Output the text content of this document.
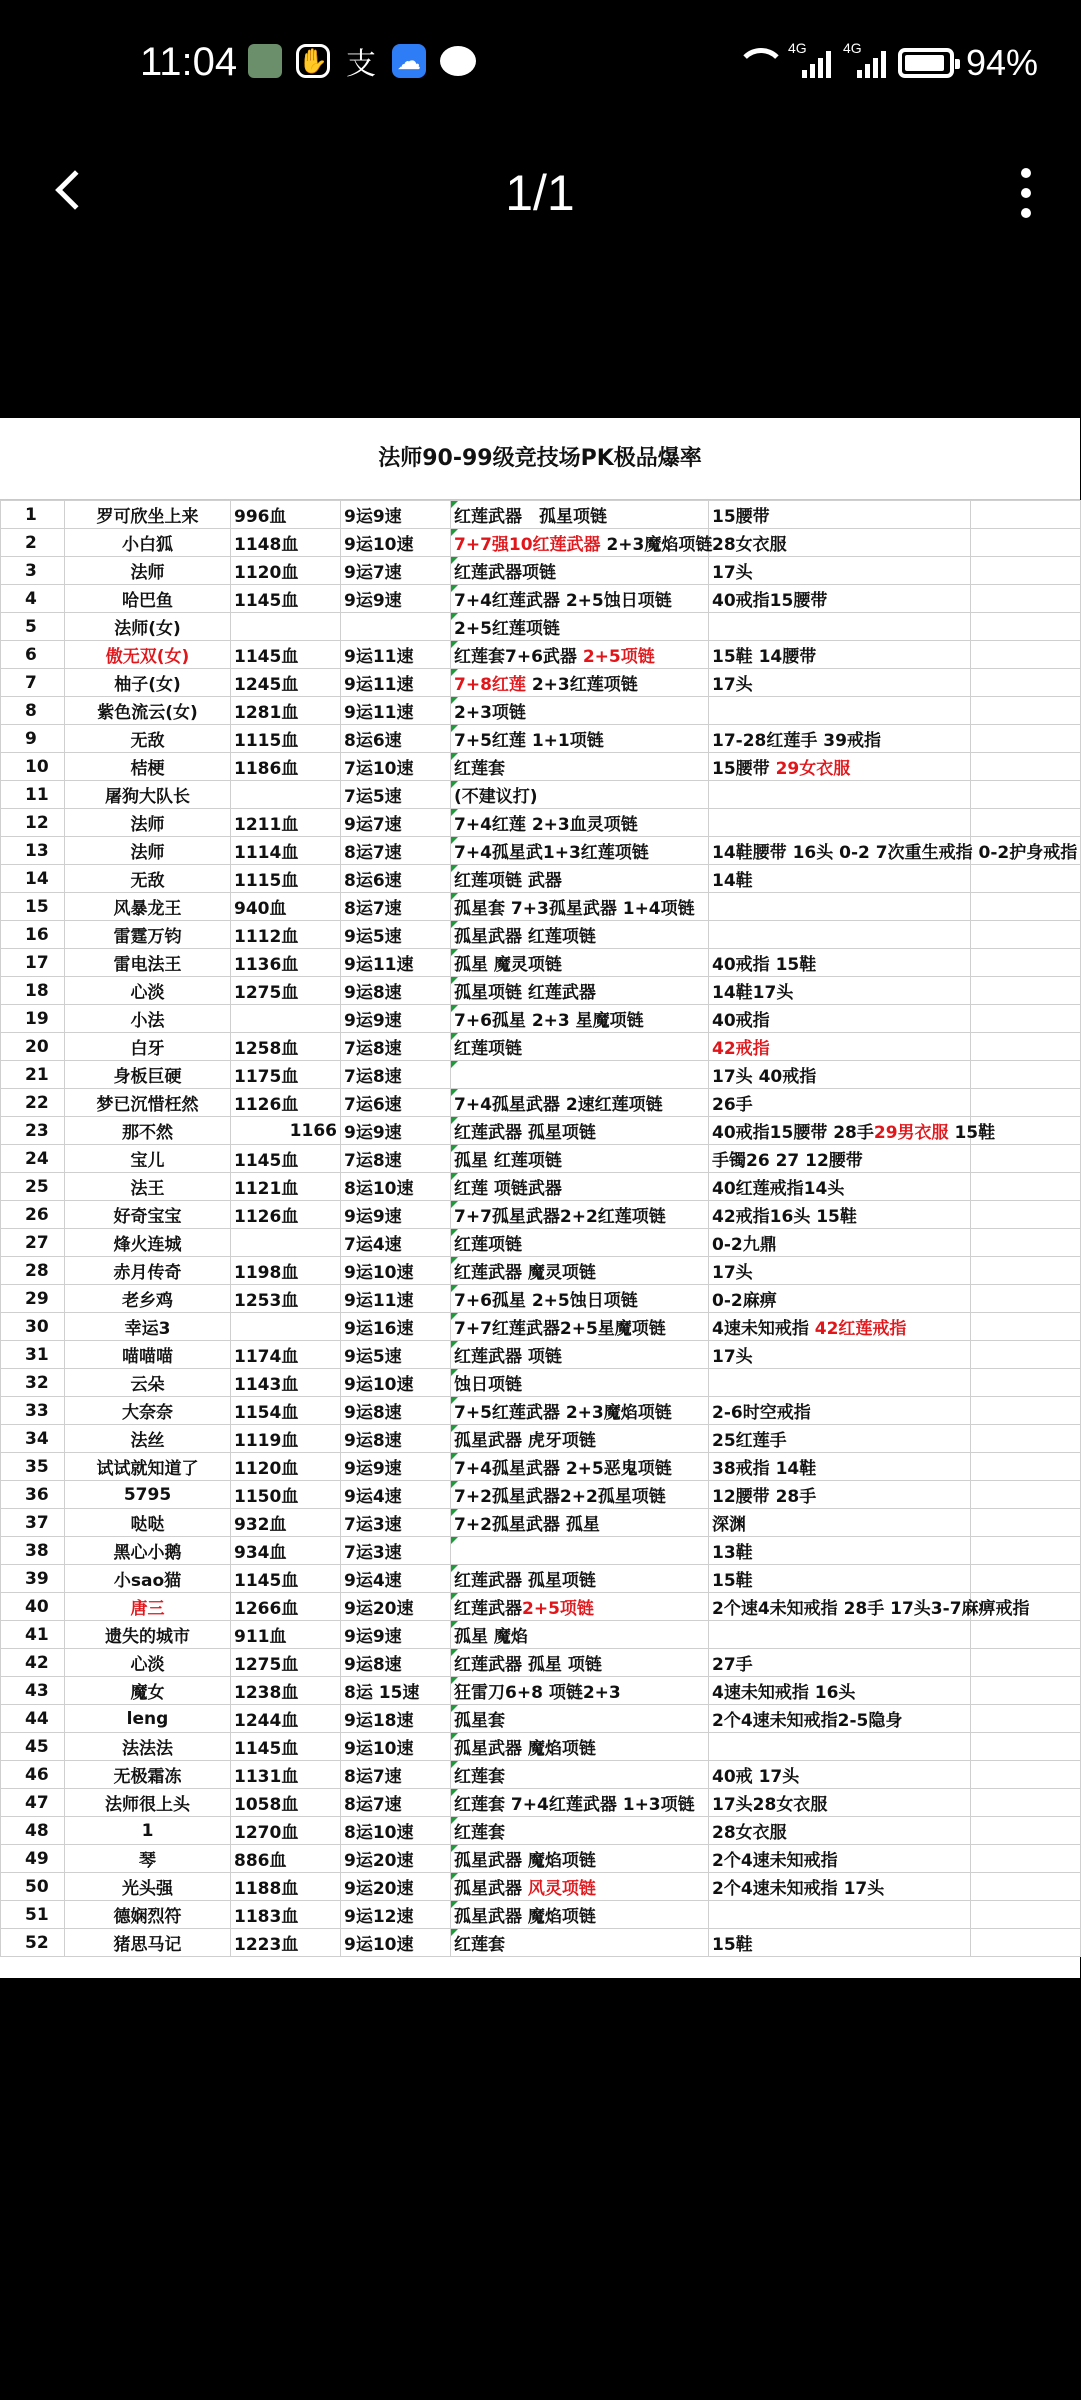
11:04	✋ 支 ☁	4G	4G	94%
1/1
法师90-99级竞技场PK极品爆率
1	罗可欣坐上来	996血	9运9速	红莲武器　孤星项链	15腰带	
2	小白狐	1148血	9运10速	7+7强10红莲武器 2+3魔焰项链	28女衣服	
3	法师	1120血	9运7速	红莲武器项链	17头	
4	哈巴鱼	1145血	9运9速	7+4红莲武器 2+5蚀日项链	40戒指15腰带	
5	法师(女)			2+5红莲项链		
6	傲无双(女)	1145血	9运11速	红莲套7+6武器 2+5项链	15鞋 14腰带	
7	柚子(女)	1245血	9运11速	7+8红莲 2+3红莲项链	17头	
8	紫色流云(女)	1281血	9运11速	2+3项链		
9	无敌	1115血	8运6速	7+5红莲 1+1项链	17-28红莲手 39戒指	
10	桔梗	1186血	7运10速	红莲套	15腰带 29女衣服	
11	屠狗大队长		7运5速	(不建议打)		
12	法师	1211血	9运7速	7+4红莲 2+3血灵项链		
13	法师	1114血	8运7速	7+4孤星武1+3红莲项链	14鞋腰带 16头 0-2 7次重生戒指 0-2护身戒指	
14	无敌	1115血	8运6速	红莲项链 武器	14鞋	
15	风暴龙王	940血	8运7速	孤星套 7+3孤星武器 1+4项链		
16	雷霆万钧	1112血	9运5速	孤星武器 红莲项链		
17	雷电法王	1136血	9运11速	孤星 魔灵项链	40戒指 15鞋	
18	心淡	1275血	9运8速	孤星项链 红莲武器	14鞋17头	
19	小法		9运9速	7+6孤星 2+3 星魔项链	40戒指	
20	白牙	1258血	7运8速	红莲项链	42戒指	
21	身板巨硬	1175血	7运8速		17头 40戒指	
22	梦已沉惜枉然	1126血	7运6速	7+4孤星武器 2速红莲项链	26手	
23	那不然	1166	9运9速	红莲武器 孤星项链	40戒指15腰带 28手29男衣服 15鞋	
24	宝儿	1145血	7运8速	孤星 红莲项链	手镯26 27 12腰带	
25	法王	1121血	8运10速	红莲 项链武器	40红莲戒指14头	
26	好奇宝宝	1126血	9运9速	7+7孤星武器2+2红莲项链	42戒指16头 15鞋	
27	烽火连城		7运4速	红莲项链	0-2九鼎	
28	赤月传奇	1198血	9运10速	红莲武器 魔灵项链	17头	
29	老乡鸡	1253血	9运11速	7+6孤星 2+5蚀日项链	0-2麻痹	
30	幸运3		9运16速	7+7红莲武器2+5星魔项链	4速未知戒指 42红莲戒指	
31	喵喵喵	1174血	9运5速	红莲武器 项链	17头	
32	云朵	1143血	9运10速	蚀日项链		
33	大奈奈	1154血	9运8速	7+5红莲武器 2+3魔焰项链	2-6时空戒指	
34	法丝	1119血	9运8速	孤星武器 虎牙项链	25红莲手	
35	试试就知道了	1120血	9运9速	7+4孤星武器 2+5恶鬼项链	38戒指 14鞋	
36	5795	1150血	9运4速	7+2孤星武器2+2孤星项链	12腰带 28手	
37	哒哒	932血	7运3速	7+2孤星武器 孤星	深渊	
38	黑心小鹅	934血	7运3速		13鞋	
39	小sao猫	1145血	9运4速	红莲武器 孤星项链	15鞋	
40	唐三	1266血	9运20速	红莲武器2+5项链	2个速4未知戒指 28手 17头3-7麻痹戒指	
41	遗失的城市	911血	9运9速	孤星 魔焰		
42	心淡	1275血	9运8速	红莲武器 孤星 项链	27手	
43	魔女	1238血	8运 15速	狂雷刀6+8 项链2+3	4速未知戒指 16头	
44	leng	1244血	9运18速	孤星套	2个4速未知戒指2-5隐身	
45	法法法	1145血	9运10速	孤星武器 魔焰项链		
46	无极霜冻	1131血	8运7速	红莲套	40戒 17头	
47	法师很上头	1058血	8运7速	红莲套 7+4红莲武器 1+3项链	17头28女衣服	
48	1	1270血	8运10速	红莲套	28女衣服	
49	琴	886血	9运20速	孤星武器 魔焰项链	2个4速未知戒指	
50	光头强	1188血	9运20速	孤星武器 风灵项链	2个4速未知戒指 17头	
51	德娴烈符	1183血	9运12速	孤星武器 魔焰项链		
52	猪思马记	1223血	9运10速	红莲套	15鞋	
